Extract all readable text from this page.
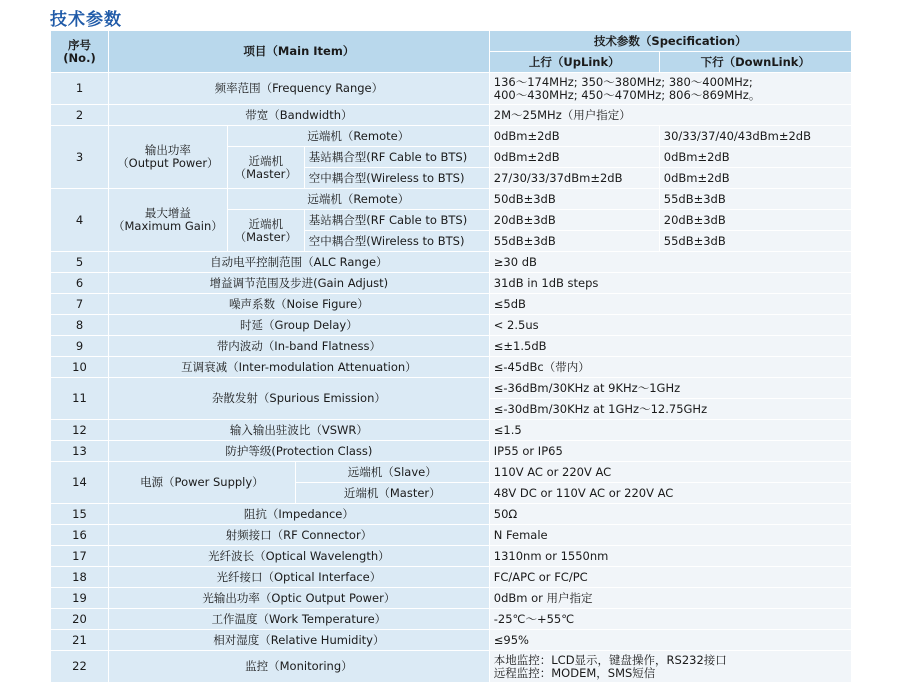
技术参数
序号
(No.)	项目（Main Item）				技术参数（Specification）	
					上行（UpLink）	下行（DownLink）
1	频率范围（Frequency Range）				136～174MHz; 350～380MHz; 380～400MHz;
400～430MHz; 450～470MHz; 806～869MHz。	
2	带宽（Bandwidth）				2M～25MHz（用户指定）	
3	输出功率
（Output Power）	远端机（Remote）			0dBm±2dB	30/33/37/40/43dBm±2dB
		近端机
（Master）		基站耦合型(RF Cable to BTS)	0dBm±2dB	0dBm±2dB
				空中耦合型(Wireless to BTS)	27/30/33/37dBm±2dB	0dBm±2dB
4	最大增益
（Maximum Gain）	远端机（Remote）			50dB±3dB	55dB±3dB
		近端机
（Master）		基站耦合型(RF Cable to BTS)	20dB±3dB	20dB±3dB
				空中耦合型(Wireless to BTS)	55dB±3dB	55dB±3dB
5	自动电平控制范围（ALC Range）				≥30 dB	
6	增益调节范围及步进(Gain Adjust)				31dB in 1dB steps	
7	噪声系数（Noise Figure）				≤5dB	
8	时延（Group Delay）				< 2.5us	
9	带内波动（In-band Flatness）				≤±1.5dB	
10	互调衰减（Inter-modulation Attenuation）				≤-45dBc（带内）	
11	杂散发射（Spurious Emission）				≤-36dBm/30KHz at 9KHz～1GHz	
					≤-30dBm/30KHz at 1GHz～12.75GHz	
12	输入输出驻波比（VSWR）				≤1.5	
13	防护等级(Protection Class)				IP55 or IP65	
14	电源（Power Supply）		远端机（Slave）		110V AC or 220V AC	
			近端机（Master）		48V DC or 110V AC or 220V AC	
15	阻抗（Impedance）				50Ω	
16	射频接口（RF Connector）				N Female	
17	光纤波长（Optical Wavelength）				1310nm or 1550nm	
18	光纤接口（Optical Interface）				FC/APC or FC/PC	
19	光输出功率（Optic Output Power）				0dBm or 用户指定	
20	工作温度（Work Temperature）				-25℃～+55℃	
21	相对湿度（Relative Humidity）				≤95%	
22	监控（Monitoring）				本地监控：LCD显示，键盘操作，RS232接口
远程监控：MODEM，SMS短信	
